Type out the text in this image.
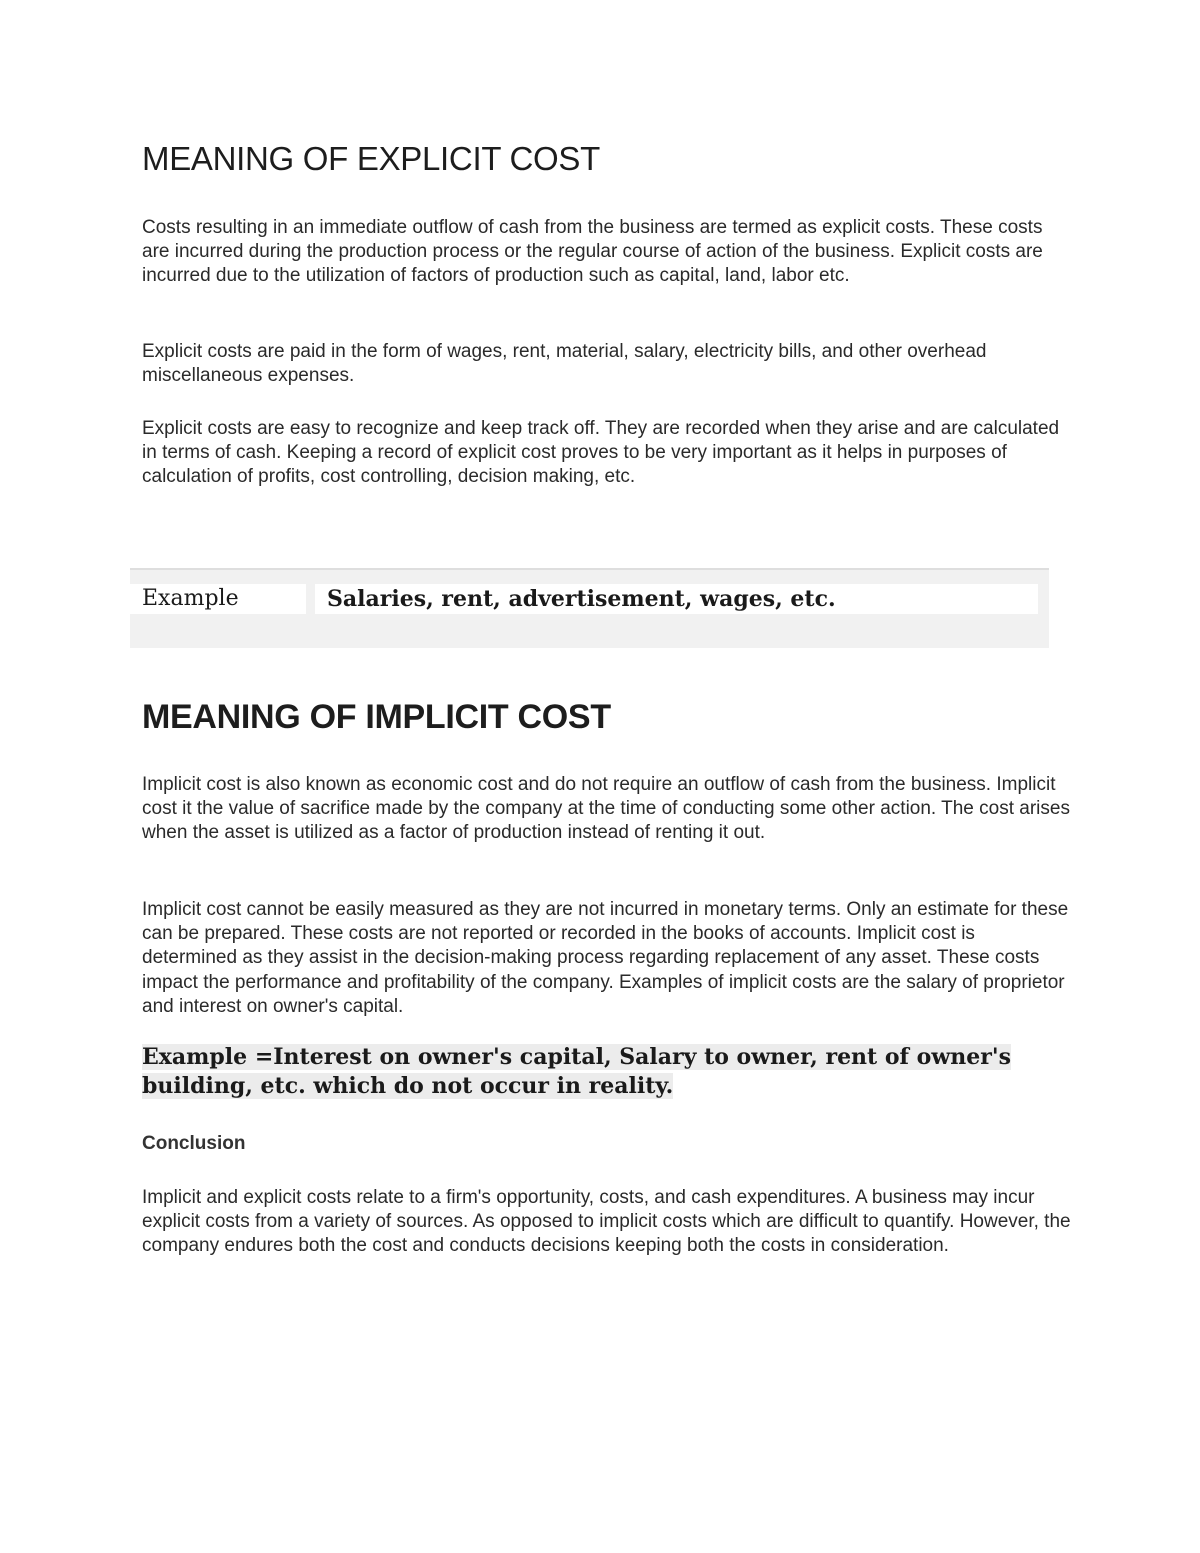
MEANING OF EXPLICIT COST

Costs resulting in an immediate outflow of cash from the business are termed as explicit costs. These costs are incurred during the production process or the regular course of action of the business. Explicit costs are incurred due to the utilization of factors of production such as capital, land, labor etc.

Explicit costs are paid in the form of wages, rent, material, salary, electricity bills, and other overhead miscellaneous expenses.

Explicit costs are easy to recognize and keep track off. They are recorded when they arise and are calculated in terms of cash. Keeping a record of explicit cost proves to be very important as it helps in purposes of calculation of profits, cost controlling, decision making, etc.

Example	Salaries, rent, advertisement, wages, etc.
MEANING OF IMPLICIT COST

Implicit cost is also known as economic cost and do not require an outflow of cash from the business. Implicit cost it the value of sacrifice made by the company at the time of conducting some other action. The cost arises when the asset is utilized as a factor of production instead of renting it out.

Implicit cost cannot be easily measured as they are not incurred in monetary terms. Only an estimate for these can be prepared. These costs are not reported or recorded in the books of accounts. Implicit cost is determined as they assist in the decision-making process regarding replacement of any asset. These costs impact the performance and profitability of the company. Examples of implicit costs are the salary of proprietor and interest on owner's capital.

Example =Interest on owner's capital, Salary to owner, rent of owner's building, etc. which do not occur in reality.

Conclusion

Implicit and explicit costs relate to a firm's opportunity, costs, and cash expenditures. A business may incur explicit costs from a variety of sources. As opposed to implicit costs which are difficult to quantify. However, the company endures both the cost and conducts decisions keeping both the costs in consideration.
